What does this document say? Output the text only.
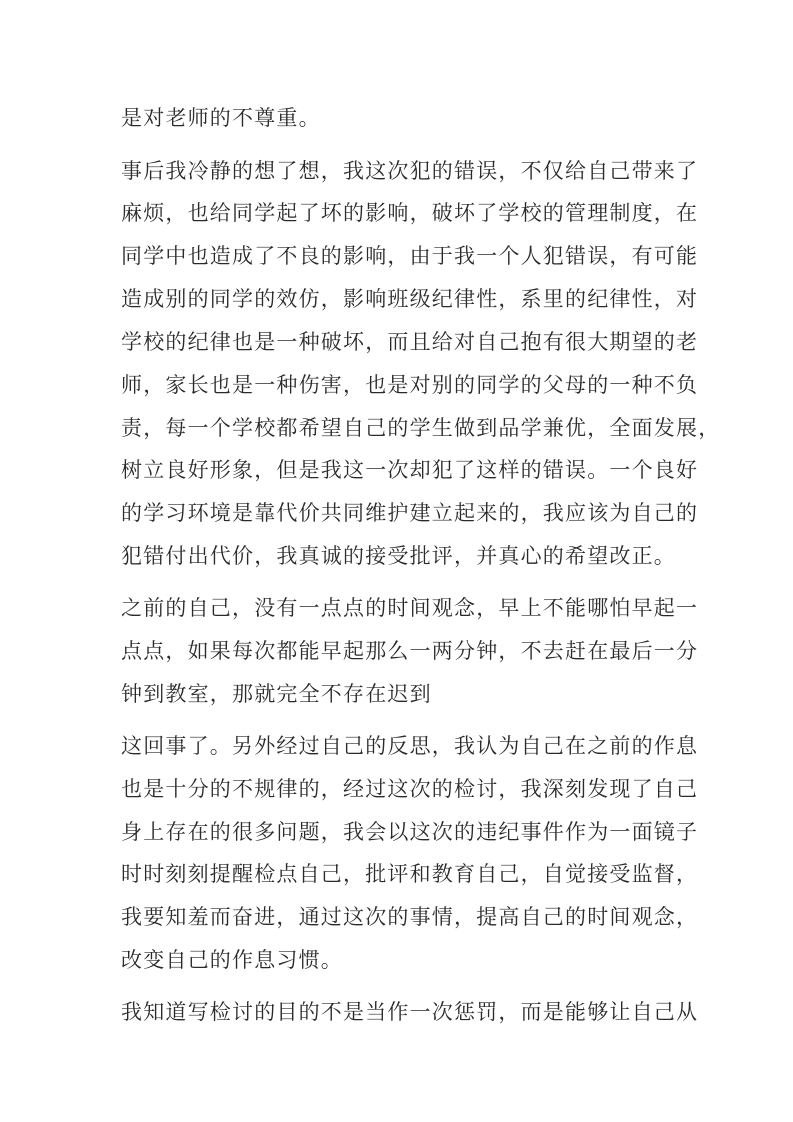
是对老师的不尊重。
事后我冷静的想了想，我这次犯的错误，不仅给自己带来了
麻烦，也给同学起了坏的影响，破坏了学校的管理制度，在
同学中也造成了不良的影响，由于我一个人犯错误，有可能
造成别的同学的效仿，影响班级纪律性，系里的纪律性，对
学校的纪律也是一种破坏，而且给对自己抱有很大期望的老
师，家长也是一种伤害，也是对别的同学的父母的一种不负
责，每一个学校都希望自己的学生做到品学兼优，全面发展，
树立良好形象，但是我这一次却犯了这样的错误。一个良好
的学习环境是靠代价共同维护建立起来的，我应该为自己的
犯错付出代价，我真诚的接受批评，并真心的希望改正。
之前的自己，没有一点点的时间观念，早上不能哪怕早起一
点点，如果每次都能早起那么一两分钟，不去赶在最后一分
钟到教室，那就完全不存在迟到
这回事了。另外经过自己的反思，我认为自己在之前的作息
也是十分的不规律的，经过这次的检讨，我深刻发现了自己
身上存在的很多问题，我会以这次的违纪事件作为一面镜子
时时刻刻提醒检点自己，批评和教育自己，自觉接受监督，
我要知羞而奋进，通过这次的事情，提高自己的时间观念，
改变自己的作息习惯。
我知道写检讨的目的不是当作一次惩罚，而是能够让自己从
